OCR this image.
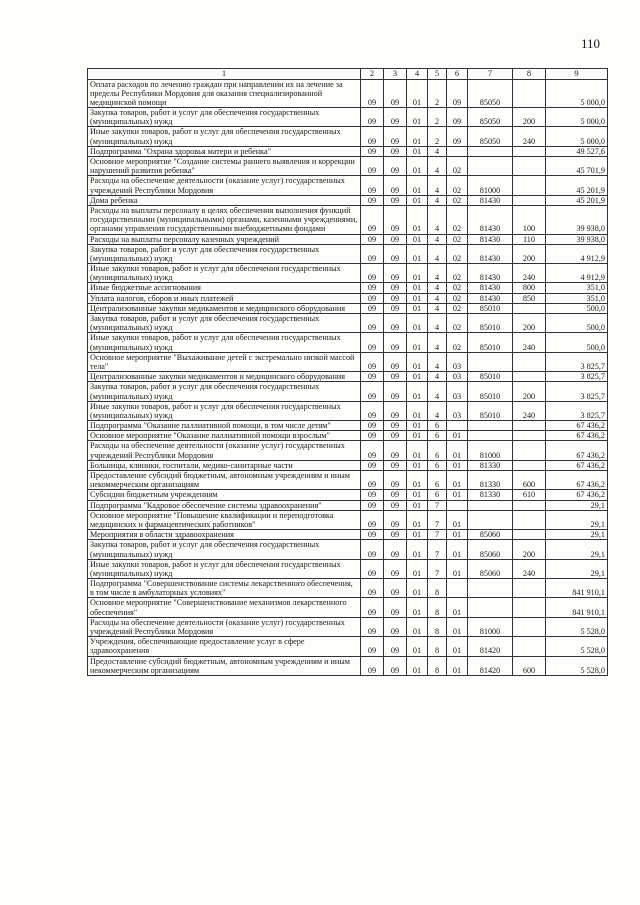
110
1	2	3	4	5	6	7	8	9
Оплата расходов по лечению граждан при направлении их на лечение за пределы Республики Мордовия для оказания специализированной медицинской помощи	09	09	01	2	09	85050		5 000,0
Закупка товаров, работ и услуг для обеспечения государственных (муниципальных) нужд	09	09	01	2	09	85050	200	5 000,0
Иные закупки товаров, работ и услуг для обеспечения государственных (муниципальных) нужд	09	09	01	2	09	85050	240	5 000,0
Подпрограмма "Охрана здоровья матери и ребенка"	09	09	01	4				49 527,6
Основное мероприятие "Создание системы раннего выявления и коррекции нарушений развития ребенка"	09	09	01	4	02			45 701,9
Расходы на обеспечение деятельности (оказание услуг) государственных учреждений Республики Мордовия	09	09	01	4	02	81000		45 201,9
Дома ребенка	09	09	01	4	02	81430		45 201,9
Расходы на выплаты персоналу в целях обеспечения выполнения функций государственными (муниципальными) органами, казенными учреждениями, органами управления государственными внебюджетными фондами	09	09	01	4	02	81430	100	39 938,0
Расходы на выплаты персоналу казенных учреждений	09	09	01	4	02	81430	110	39 938,0
Закупка товаров, работ и услуг для обеспечения государственных (муниципальных) нужд	09	09	01	4	02	81430	200	4 912,9
Иные закупки товаров, работ и услуг для обеспечения государственных (муниципальных) нужд	09	09	01	4	02	81430	240	4 912,9
Иные бюджетные ассигнования	09	09	01	4	02	81430	800	351,0
Уплата налогов, сборов и иных платежей	09	09	01	4	02	81430	850	351,0
Централизованные закупки медикаментов и медицинского оборудования	09	09	01	4	02	85010		500,0
Закупка товаров, работ и услуг для обеспечения государственных (муниципальных) нужд	09	09	01	4	02	85010	200	500,0
Иные закупки товаров, работ и услуг для обеспечения государственных (муниципальных) нужд	09	09	01	4	02	85010	240	500,0
Основное мероприятие "Выхаживание детей с экстремально низкой массой тела"	09	09	01	4	03			3 825,7
Централизованные закупки медикаментов и медицинского оборудования	09	09	01	4	03	85010		3 825,7
Закупка товаров, работ и услуг для обеспечения государственных (муниципальных) нужд	09	09	01	4	03	85010	200	3 825,7
Иные закупки товаров, работ и услуг для обеспечения государственных (муниципальных) нужд	09	09	01	4	03	85010	240	3 825,7
Подпрограмма "Оказание паллиативной помощи, в том числе детям"	09	09	01	6				67 436,2
Основное мероприятие "Оказание паллиативной помощи взрослым"	09	09	01	6	01			67 436,2
Расходы на обеспечение деятельности (оказание услуг) государственных учреждений Республики Мордовия	09	09	01	6	01	81000		67 436,2
Больницы, клиники, госпитали, медико-санитарные части	09	09	01	6	01	81330		67 436,2
Предоставление субсидий бюджетным, автономным учреждениям и иным некоммерческим организациям	09	09	01	6	01	81330	600	67 436,2
Субсидии бюджетным учреждениям	09	09	01	6	01	81330	610	67 436,2
Подпрограмма "Кадровое обеспечение системы здравоохранения"	09	09	01	7				29,1
Основное мероприятие "Повышение квалификации и переподготовка медицинских и фармацевтических работников"	09	09	01	7	01			29,1
Мероприятия в области здравоохранения	09	09	01	7	01	85060		29,1
Закупка товаров, работ и услуг для обеспечения государственных (муниципальных) нужд	09	09	01	7	01	85060	200	29,1
Иные закупки товаров, работ и услуг для обеспечения государственных (муниципальных) нужд	09	09	01	7	01	85060	240	29,1
Подпрограмма "Совершенствование системы лекарственного обеспечения, в том числе в амбулаторных условиях"	09	09	01	8				841 910,1
Основное мероприятие "Совершенствование механизмов лекарственного обеспечения"	09	09	01	8	01			841 910,1
Расходы на обеспечение деятельности (оказание услуг) государственных учреждений Республики Мордовия	09	09	01	8	01	81000		5 528,0
Учреждения, обеспечивающие предоставление услуг в сфере здравоохранения	09	09	01	8	01	81420		5 528,0
Предоставление субсидий бюджетным, автономным учреждениям и иным некоммерческим организациям	09	09	01	8	01	81420	600	5 528,0
